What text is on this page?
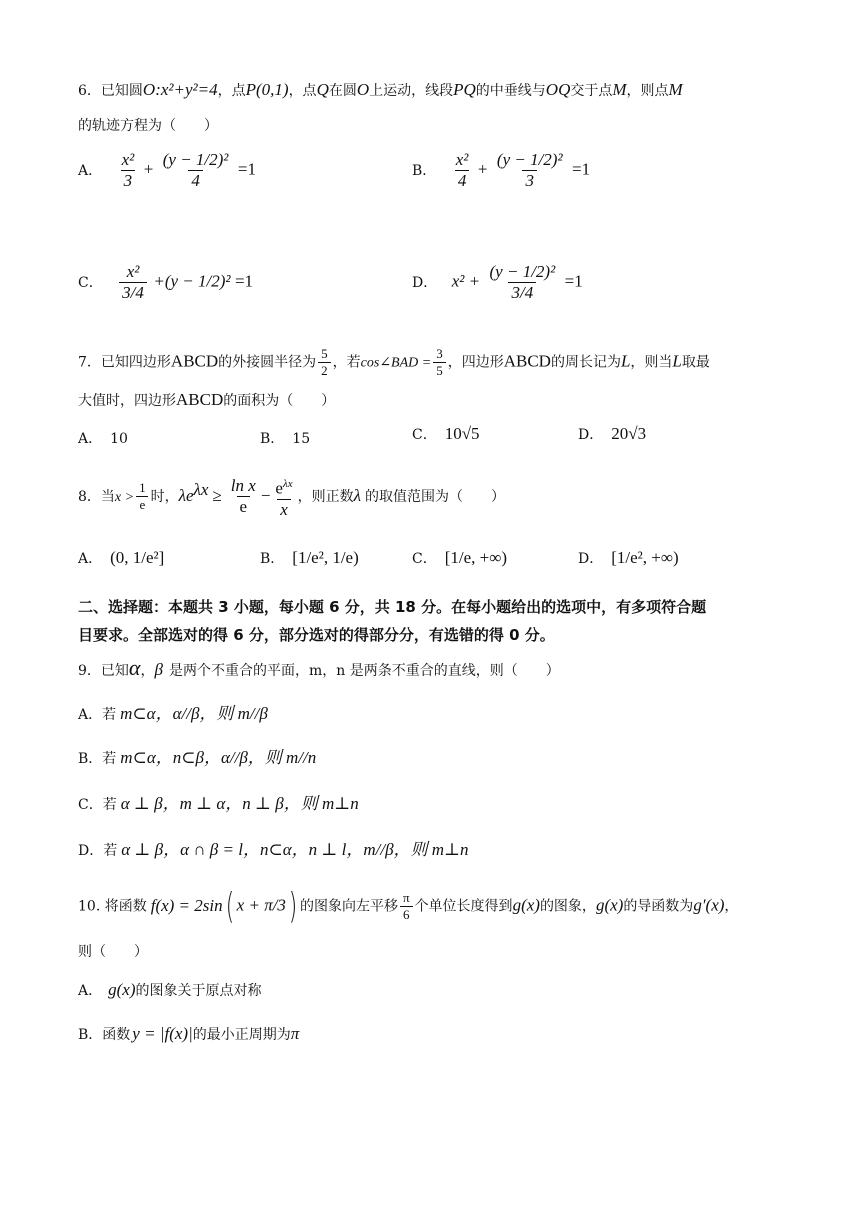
6．已知圆O:x²+y²=4，点P(0,1)，点Q在圆O上运动，线段PQ的中垂线与OQ交于点M，则点M
的轨迹方程为（　　）
A． $\frac{\text{x²}}{3} + \frac{\text{(y − 1/2)²}}{4} =1$	B． $\frac{\text{x²}}{4} + \frac{\text{(y − 1/2)²}}{3} =1$
C． $\frac{\text{x²}}{3/4} +(y - 1/2)^2 =1$	D． $x^2 + \frac{\text{(y − 1/2)²}}{3/4} =1$
7．已知四边形ABCD的外接圆半径为 $\frac{5}{2}$ ，若cos∠BAD = $\frac{3}{5}$ ，四边形ABCD的周长记为L，则当L取最
大值时，四边形ABCD的面积为（　　）
A． 10	B． 15	C． 10√5	D． 20√3
8．当$x > \frac{1}{e}$ 时，$\lambda e^{\lambda x} \ge \frac{\text{ln x}}{e} - \frac{e^{\lambda x}}{x}$ ，则正数λ 的取值范围为（　　）
A． (0, 1/e²]	B． [1/e², 1/e)	C． [1/e, +∞)	D． [1/e², +∞)
二、选择题：本题共 3 小题，每小题 6 分，共 18 分。在每小题给出的选项中，有多项符合题
目要求。全部选对的得 6 分，部分选对的得部分分，有选错的得 0 分。
9．已知α，β 是两个不重合的平面，m，n 是两条不重合的直线，则（　　）
A．若 m⊂α，α//β，则 m//β
B．若 m⊂α，n⊂β，α//β，则 m//n
C．若 α ⊥ β，m ⊥ α，n ⊥ β，则 m⊥n
D．若 α ⊥ β，α ∩ β = l，n⊂α，n ⊥ l，m//β，则 m⊥n
10. 将函数 f(x) = 2sin( x + π/3) 的图象向左平移 $\frac{\pi}{6}$ 个单位长度得到g(x)的图象，g(x)的导函数为g′(x)，
则（　　）
A． g(x)的图象关于原点对称
B．函数 y = |f(x)|的最小正周期为π
